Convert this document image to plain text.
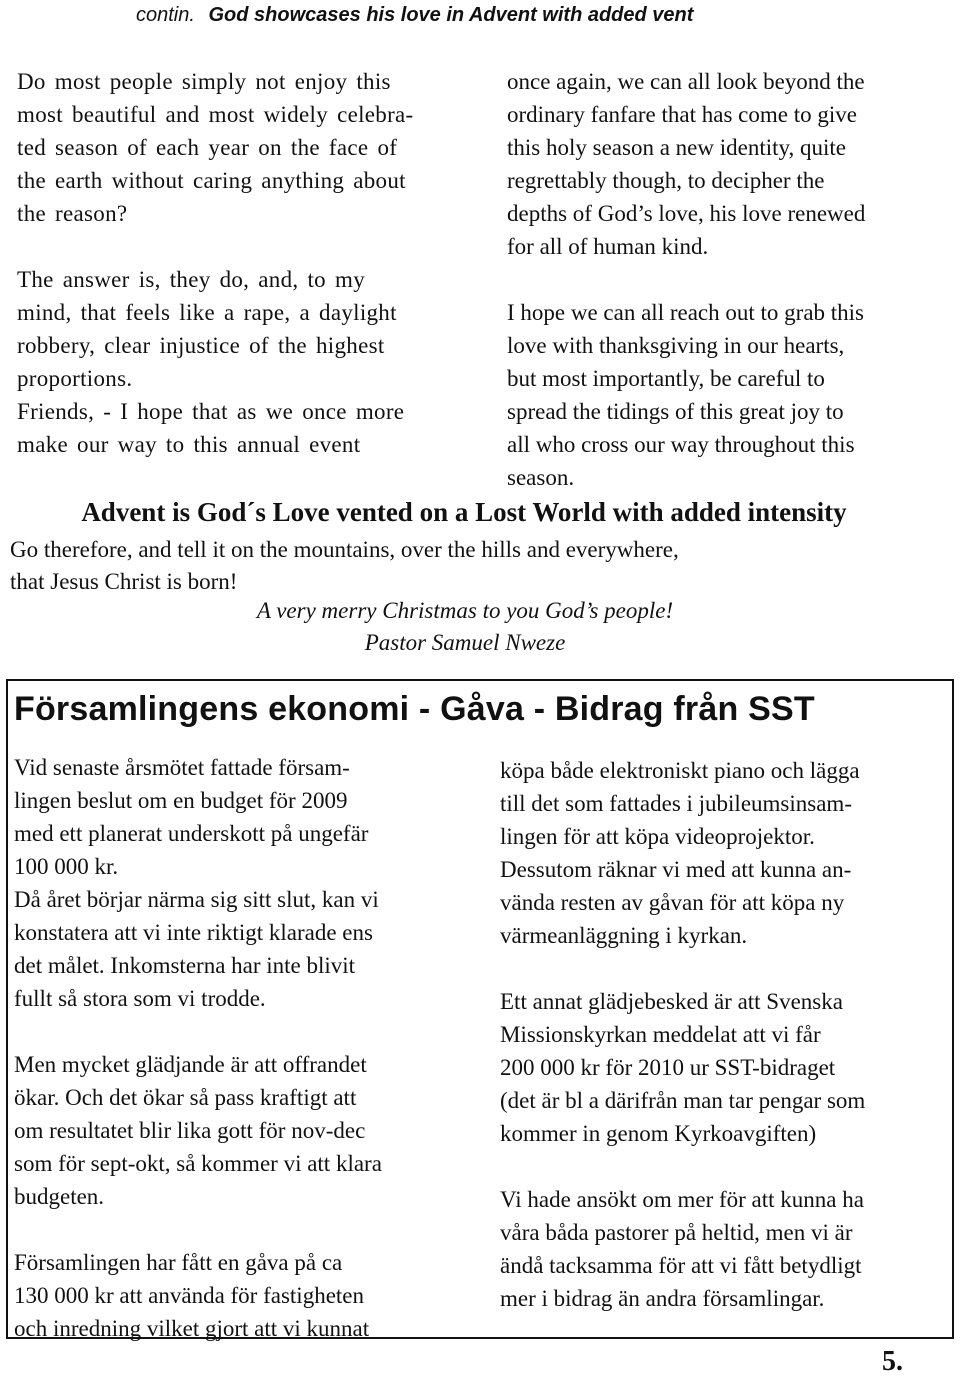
contin. God showcases his love in Advent with added vent

Do most people simply not enjoy this
most beautiful and most widely celebra-
ted season of each year on the face of
the earth without caring anything about
the reason?

The answer is, they do, and, to my
mind, that feels like a rape, a daylight
robbery, clear injustice of the highest
proportions.

Friends, - I hope that as we once more
make our way to this annual event

once again, we can all look beyond the
ordinary fanfare that has come to give
this holy season a new identity, quite
regrettably though, to decipher the
depths of God’s love, his love renewed
for all of human kind.

I hope we can all reach out to grab this
love with thanksgiving in our hearts,
but most importantly, be careful to
spread the tidings of this great joy to
all who cross our way throughout this
season.

Advent is God´s Love vented on a Lost World with added intensity

Go therefore, and tell it on the mountains, over the hills and everywhere,
that Jesus Christ is born!

A very merry Christmas to you God’s people!
Pastor Samuel Nweze
Församlingens ekonomi - Gåva - Bidrag från SST

Vid senaste årsmötet fattade försam-
lingen beslut om en budget för 2009
med ett planerat underskott på ungefär
100 000 kr.

Då året börjar närma sig sitt slut, kan vi
konstatera att vi inte riktigt klarade ens
det målet. Inkomsterna har inte blivit
fullt så stora som vi trodde.

Men mycket glädjande är att offrandet
ökar. Och det ökar så pass kraftigt att
om resultatet blir lika gott för nov-dec
som för sept-okt, så kommer vi att klara
budgeten.

Församlingen har fått en gåva på ca
130 000 kr att använda för fastigheten
och inredning vilket gjort att vi kunnat

köpa både elektroniskt piano och lägga
till det som fattades i jubileumsinsam-
lingen för att köpa videoprojektor.

Dessutom räknar vi med att kunna an-
vända resten av gåvan för att köpa ny
värmeanläggning i kyrkan.

Ett annat glädjebesked är att Svenska
Missionskyrkan meddelat att vi får
200 000 kr för 2010 ur SST-bidraget
(det är bl a därifrån man tar pengar som
kommer in genom Kyrkoavgiften)

Vi hade ansökt om mer för att kunna ha
våra båda pastorer på heltid, men vi är
ändå tacksamma för att vi fått betydligt
mer i bidrag än andra församlingar.

5.
